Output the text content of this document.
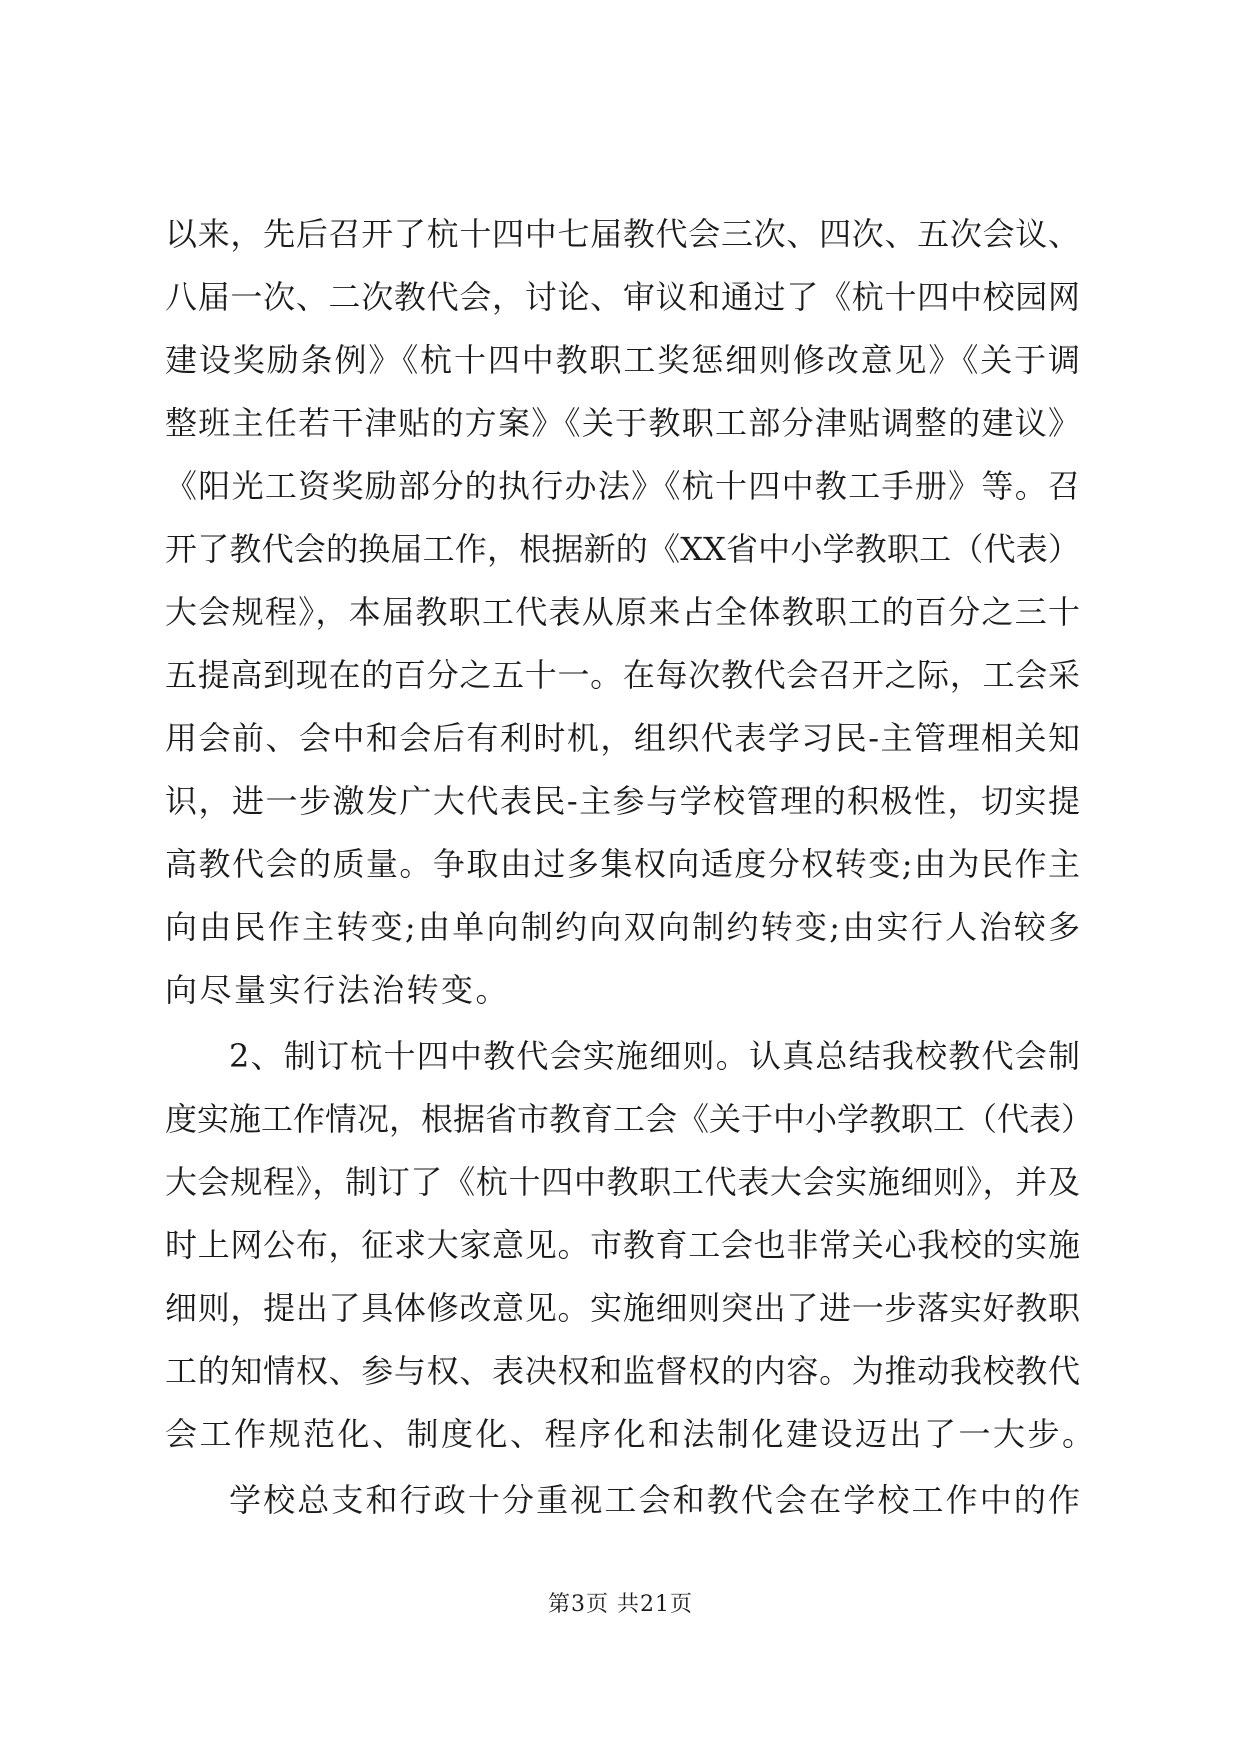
以来，先后召开了杭十四中七届教代会三次、四次、五次会议、
八届一次、二次教代会，讨论、审议和通过了《杭十四中校园网
建设奖励条例》《杭十四中教职工奖惩细则修改意见》《关于调
整班主任若干津贴的方案》《关于教职工部分津贴调整的建议》
《阳光工资奖励部分的执行办法》《杭十四中教工手册》等。召
开了教代会的换届工作，根据新的《XX省中小学教职工（代表）
大会规程》，本届教职工代表从原来占全体教职工的百分之三十
五提高到现在的百分之五十一。在每次教代会召开之际，工会采
用会前、会中和会后有利时机，组织代表学习民-主管理相关知
识，进一步激发广大代表民-主参与学校管理的积极性，切实提
高教代会的质量。争取由过多集权向适度分权转变;由为民作主
向由民作主转变;由单向制约向双向制约转变;由实行人治较多
向尽量实行法治转变。
2、制订杭十四中教代会实施细则。认真总结我校教代会制
度实施工作情况，根据省市教育工会《关于中小学教职工（代表）
大会规程》，制订了《杭十四中教职工代表大会实施细则》，并及
时上网公布，征求大家意见。市教育工会也非常关心我校的实施
细则，提出了具体修改意见。实施细则突出了进一步落实好教职
工的知情权、参与权、表决权和监督权的内容。为推动我校教代
会工作规范化、制度化、程序化和法制化建设迈出了一大步。
学校总支和行政十分重视工会和教代会在学校工作中的作
第3页 共21页
